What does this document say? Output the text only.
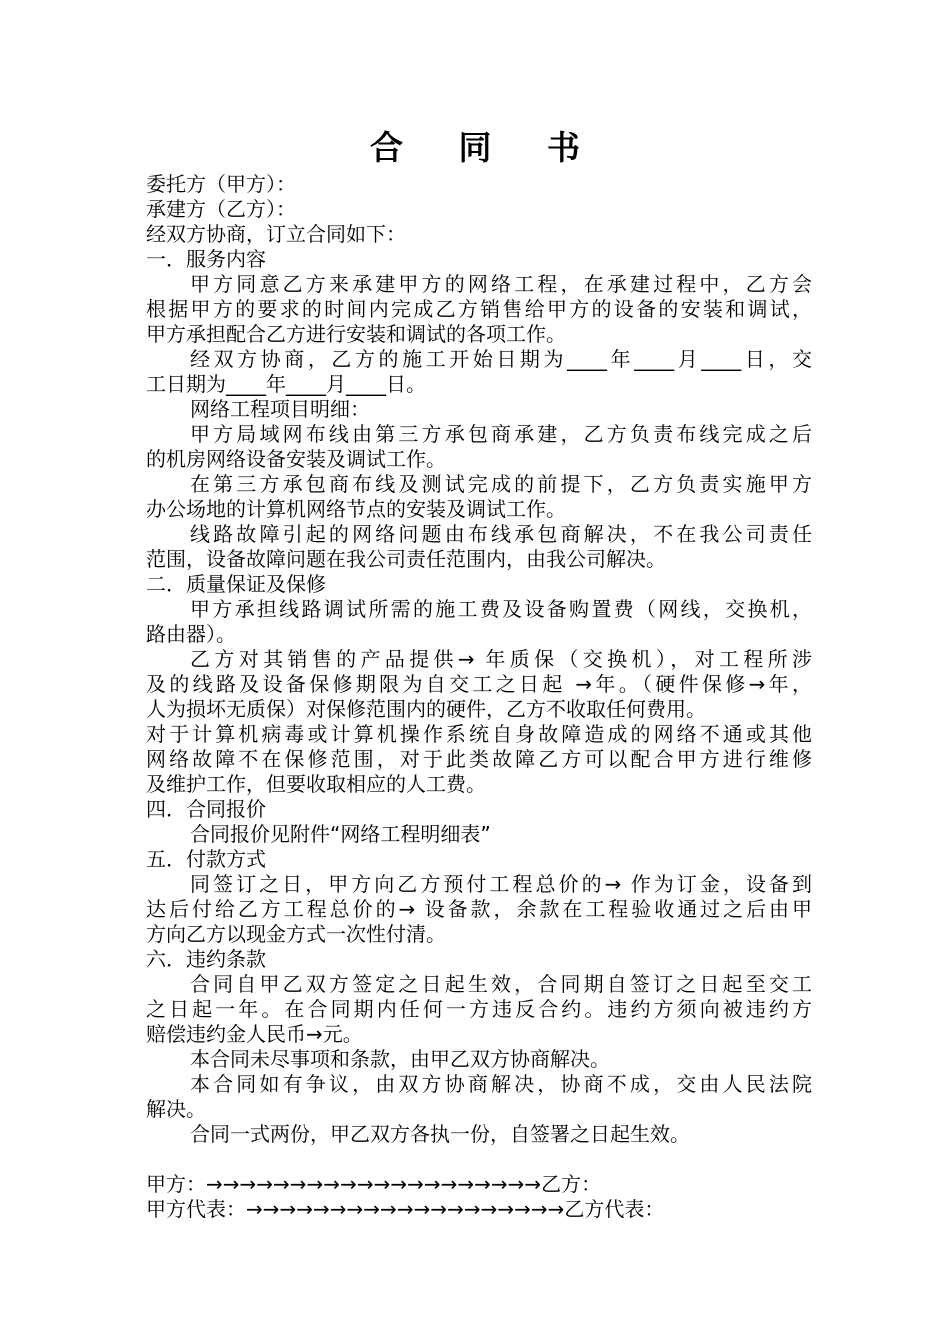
合 同 书
委托方（甲方）：
承建方（乙方）：
经双方协商，订立合同如下：
一．服务内容
甲方同意乙方来承建甲方的网络工程，在承建过程中，乙方会
根据甲方的要求的时间内完成乙方销售给甲方的设备的安装和调试，
甲方承担配合乙方进行安装和调试的各项工作。
经双方协商，乙方的施工开始日期为____年____月____日，交
工日期为____年____月____日。
网络工程项目明细：
甲方局域网布线由第三方承包商承建，乙方负责布线完成之后
的机房网络设备安装及调试工作。
在第三方承包商布线及测试完成的前提下，乙方负责实施甲方
办公场地的计算机网络节点的安装及调试工作。
线路故障引起的网络问题由布线承包商解决，不在我公司责任
范围，设备故障问题在我公司责任范围内，由我公司解决。
二．质量保证及保修
甲方承担线路调试所需的施工费及设备购置费（网线，交换机，
路由器）。
乙方对其销售的产品提供→ 年质保（交换机），对工程所涉
及的线路及设备保修期限为自交工之日起 →年。（硬件保修→年，
人为损坏无质保）对保修范围内的硬件，乙方不收取任何费用。
对于计算机病毒或计算机操作系统自身故障造成的网络不通或其他
网络故障不在保修范围，对于此类故障乙方可以配合甲方进行维修
及维护工作，但要收取相应的人工费。
四．合同报价
合同报价见附件“网络工程明细表”
五．付款方式
同签订之日，甲方向乙方预付工程总价的→ 作为订金，设备到
达后付给乙方工程总价的→ 设备款，余款在工程验收通过之后由甲
方向乙方以现金方式一次性付清。
六．违约条款
合同自甲乙双方签定之日起生效，合同期自签订之日起至交工
之日起一年。在合同期内任何一方违反合约。违约方须向被违约方
赔偿违约金人民币→元。
本合同未尽事项和条款，由甲乙双方协商解决。
本合同如有争议，由双方协商解决，协商不成，交由人民法院
解决。
合同一式两份，甲乙双方各执一份，自签署之日起生效。
甲方：→→→→→→→→→→→→→→→→→→→→乙方：
甲方代表：→→→→→→→→→→→→→→→→→→→乙方代表：
